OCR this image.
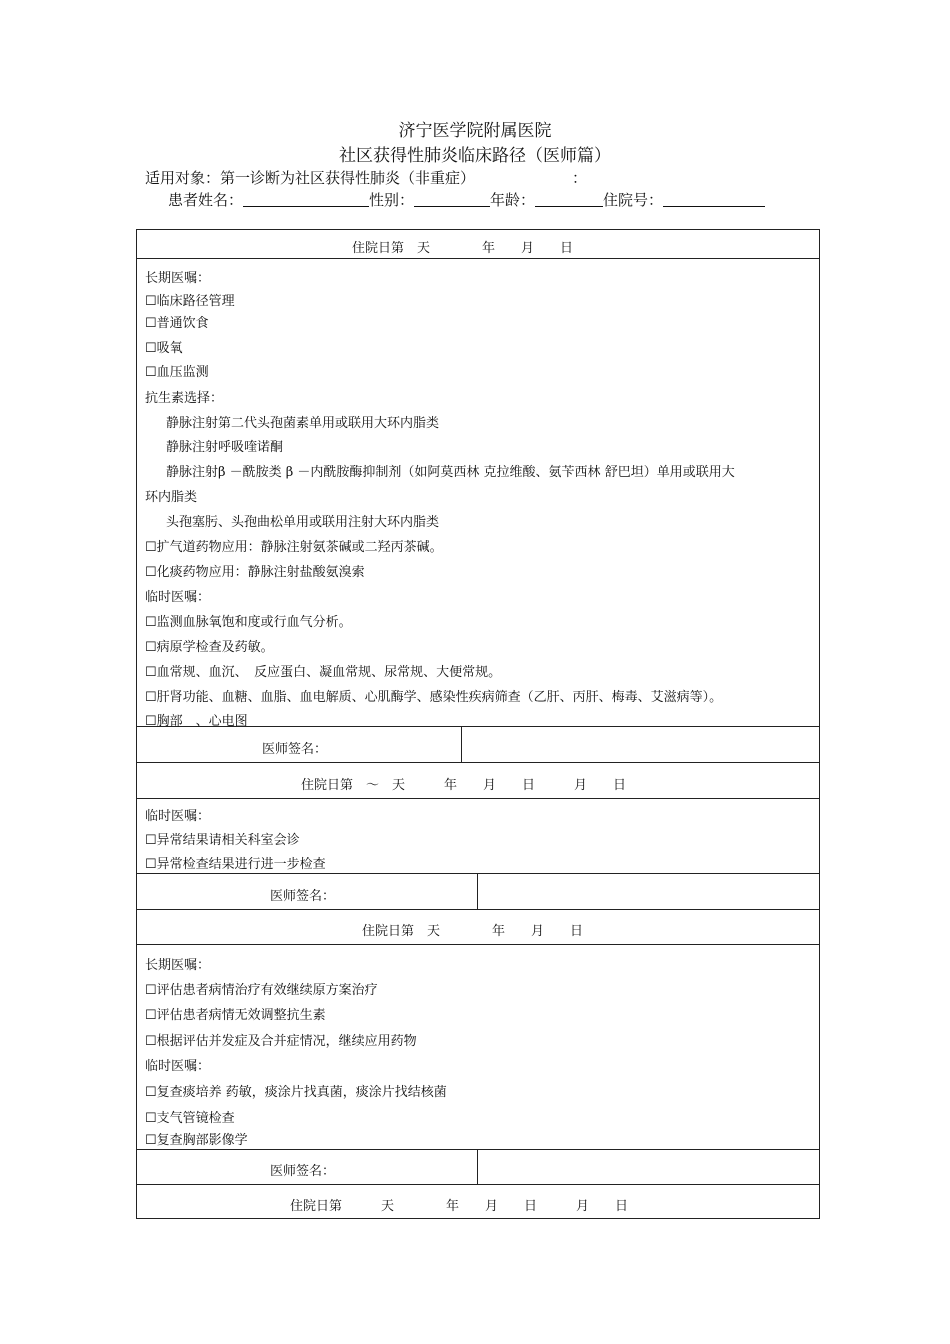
济宁医学院附属医院
社区获得性肺炎临床路径（医师篇）
适用对象：第一诊断为社区获得性肺炎（非重症）	：
患者姓名：	性别：	年龄：	住院号：
住院日第　天　　　　年　　月　　日
长期医嘱：
☐临床路径管理
☐普通饮食
☐吸氧
☐血压监测
抗生素选择：
静脉注射第二代头孢菌素单用或联用大环内脂类
静脉注射呼吸喹诺酮
静脉注射β －酰胺类 β －内酰胺酶抑制剂（如阿莫西林 克拉维酸、氨苄西林 舒巴坦）单用或联用大
环内脂类
头孢塞肟、头孢曲松单用或联用注射大环内脂类
☐扩气道药物应用：静脉注射氨茶碱或二羟丙茶碱。
☐化痰药物应用：静脉注射盐酸氨溴索
临时医嘱：
☐监测血脉氧饱和度或行血气分析。
☐病原学检查及药敏。
☐血常规、血沉、　反应蛋白、凝血常规、尿常规、大便常规。
☐肝肾功能、血糖、血脂、血电解质、心肌酶学、感染性疾病筛查（乙肝、丙肝、梅毒、艾滋病等）。
☐胸部　、心电图
医师签名：
住院日第　～　天　　　年　　月　　日　　　月　　日
临时医嘱：
☐异常结果请相关科室会诊
☐异常检查结果进行进一步检查
医师签名：
住院日第　天　　　　年　　月　　日
长期医嘱：
☐评估患者病情治疗有效继续原方案治疗
☐评估患者病情无效调整抗生素
☐根据评估并发症及合并症情况，继续应用药物
临时医嘱：
☐复查痰培养 药敏，痰涂片找真菌，痰涂片找结核菌
☐支气管镜检查
☐复查胸部影像学
医师签名：
住院日第　　　天　　　　年　　月　　日　　　月　　日
